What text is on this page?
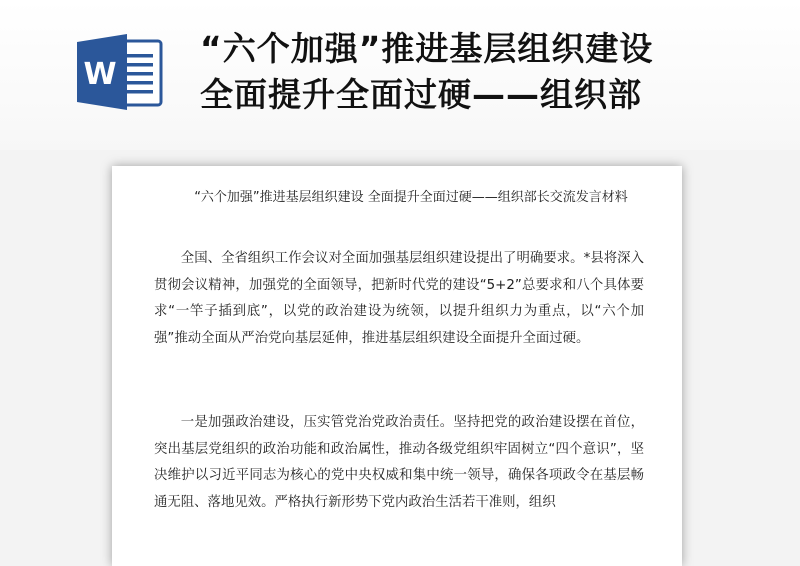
W
“六个加强”推进基层组织建设
全面提升全面过硬——组织部
“六个加强”推进基层组织建设 全面提升全面过硬——组织部长交流发言材料
全国、全省组织工作会议对全面加强基层组织建设提出了明确要求。*县将深入贯彻会议精神，加强党的全面领导，把新时代党的建设“5+2”总要求和八个具体要求“一竿子插到底”，以党的政治建设为统领，以提升组织力为重点，以“六个加强”推动全面从严治党向基层延伸，推进基层组织建设全面提升全面过硬。
一是加强政治建设，压实管党治党政治责任。坚持把党的政治建设摆在首位，突出基层党组织的政治功能和政治属性，推动各级党组织牢固树立“四个意识”，坚决维护以习近平同志为核心的党中央权威和集中统一领导，确保各项政令在基层畅通无阻、落地见效。严格执行新形势下党内政治生活若干准则，组织
